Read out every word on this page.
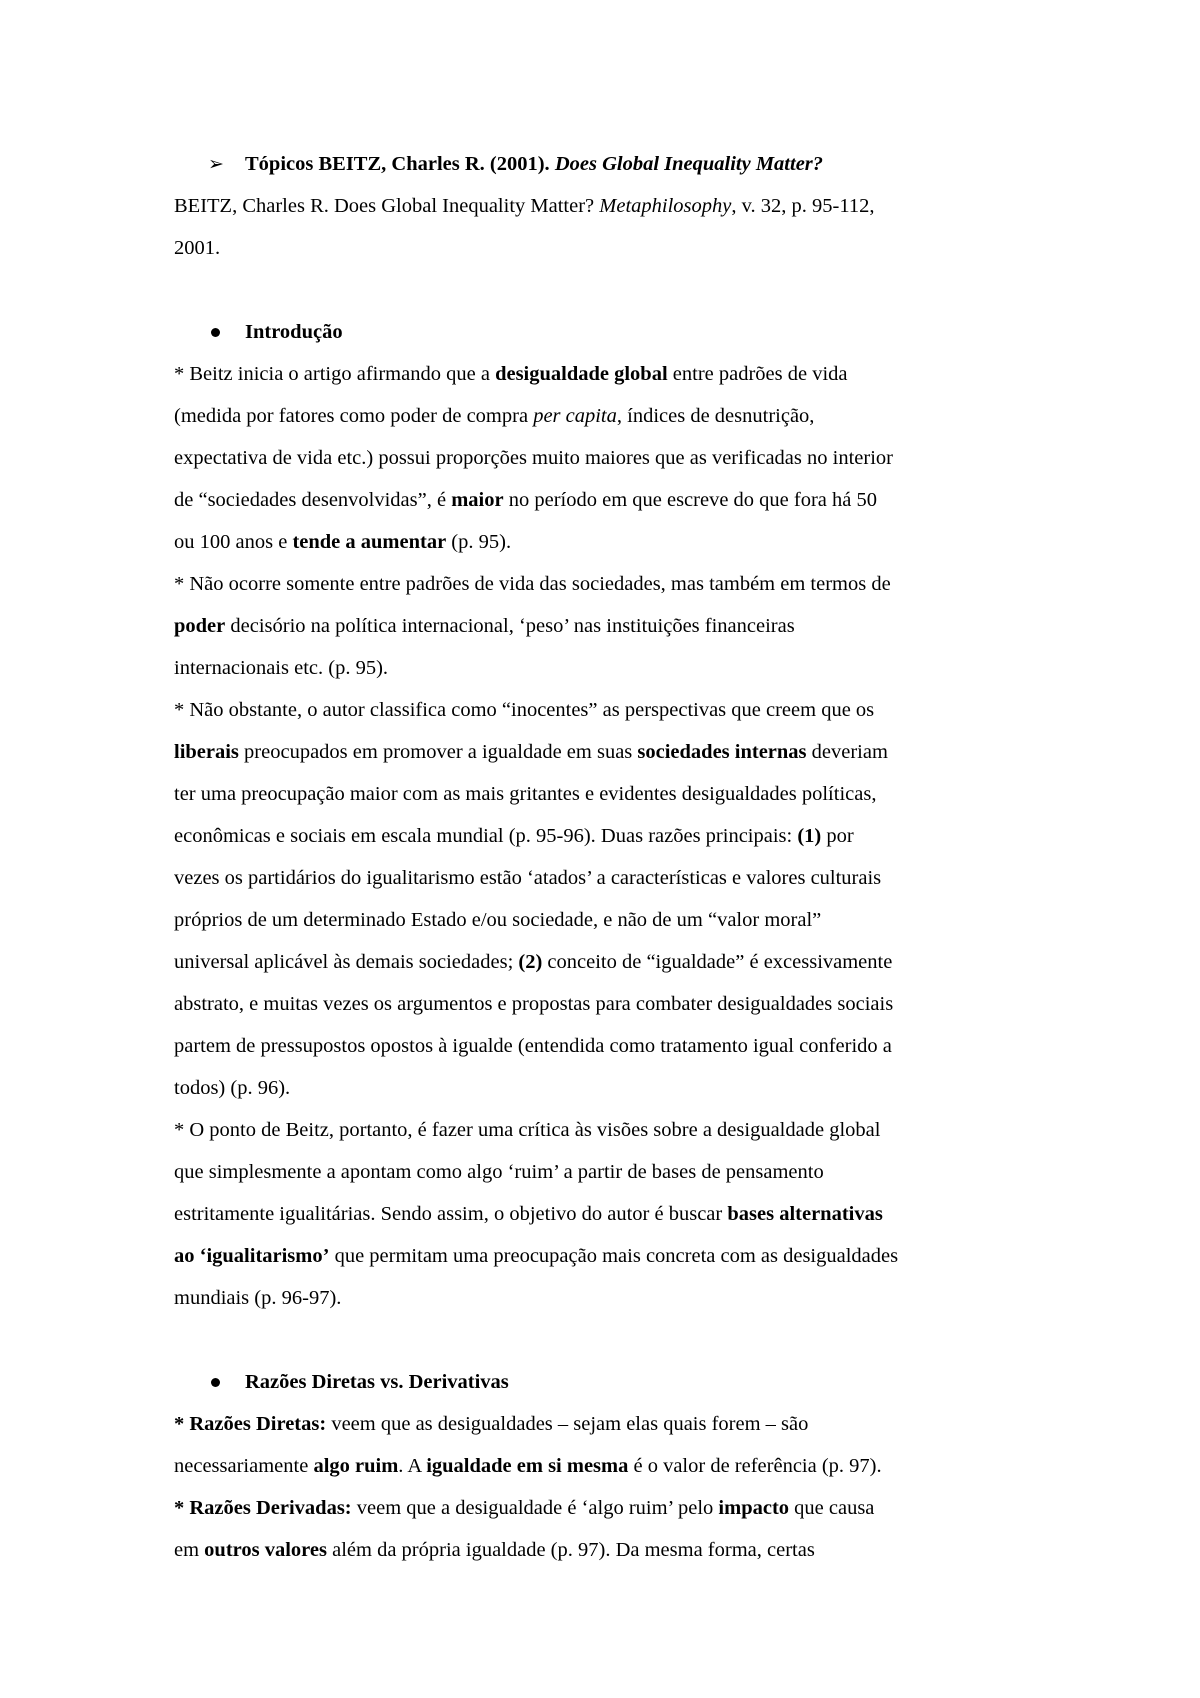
➢ Tópicos BEITZ, Charles R. (2001). Does Global Inequality Matter?
BEITZ, Charles R. Does Global Inequality Matter? Metaphilosophy, v. 32, p. 95-112,
2001.
Introdução
* Beitz inicia o artigo afirmando que a desigualdade global entre padrões de vida
(medida por fatores como poder de compra per capita, índices de desnutrição,
expectativa de vida etc.) possui proporções muito maiores que as verificadas no interior
de “sociedades desenvolvidas”, é maior no período em que escreve do que fora há 50
ou 100 anos e tende a aumentar (p. 95).
* Não ocorre somente entre padrões de vida das sociedades, mas também em termos de
poder decisório na política internacional, ‘peso’ nas instituições financeiras
internacionais etc. (p. 95).
* Não obstante, o autor classifica como “inocentes” as perspectivas que creem que os
liberais preocupados em promover a igualdade em suas sociedades internas deveriam
ter uma preocupação maior com as mais gritantes e evidentes desigualdades políticas,
econômicas e sociais em escala mundial (p. 95-96). Duas razões principais: (1) por
vezes os partidários do igualitarismo estão ‘atados’ a características e valores culturais
próprios de um determinado Estado e/ou sociedade, e não de um “valor moral”
universal aplicável às demais sociedades; (2) conceito de “igualdade” é excessivamente
abstrato, e muitas vezes os argumentos e propostas para combater desigualdades sociais
partem de pressupostos opostos à igualde (entendida como tratamento igual conferido a
todos) (p. 96).
* O ponto de Beitz, portanto, é fazer uma crítica às visões sobre a desigualdade global
que simplesmente a apontam como algo ‘ruim’ a partir de bases de pensamento
estritamente igualitárias. Sendo assim, o objetivo do autor é buscar bases alternativas
ao ‘igualitarismo’ que permitam uma preocupação mais concreta com as desigualdades
mundiais (p. 96-97).
Razões Diretas vs. Derivativas
* Razões Diretas: veem que as desigualdades – sejam elas quais forem – são
necessariamente algo ruim. A igualdade em si mesma é o valor de referência (p. 97).
* Razões Derivadas: veem que a desigualdade é ‘algo ruim’ pelo impacto que causa
em outros valores além da própria igualdade (p. 97). Da mesma forma, certas
